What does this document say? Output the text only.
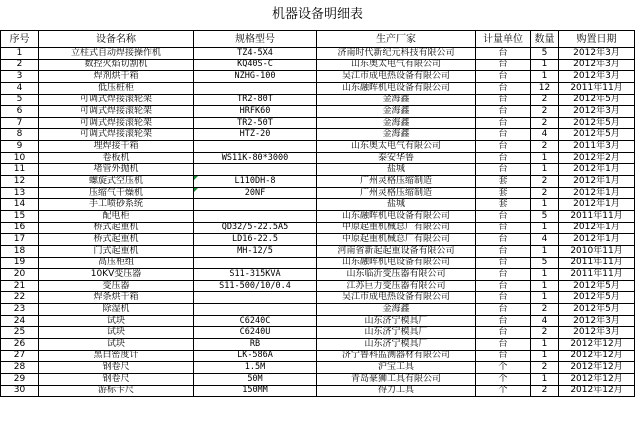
机器设备明细表
序号	设备名称	规格型号	生产厂家	计量单位	数量	购置日期
1	立柱式自动焊接操作机	TZ4-5X4	济南时代新纪元科技有限公司	台	5	2012年3月
2	数控火焰切割机	KQ40S-C	山东奥太电气有限公司	台	1	2012年3月
3	焊剂烘干箱	NZHG-100	吴江市成电热设备有限公司	台	1	2012年3月
4	低压桩柜		山东融晖机电设备有限公司	台	12	2011年11月
5	可调式焊接滚轮架	TR2-80T	金海鑫	台	2	2012年5月
6	可调式焊接滚轮架	HRFK60	金海鑫	台	2	2012年3月
7	可调式焊接滚轮架	TR2-50T	金海鑫	台	2	2012年5月
8	可调式焊接滚轮架	HTZ-20	金海鑫	台	4	2012年5月
9	埋焊接干箱		山东奥太电气有限公司	台	2	2011年3月
10	卷板机	WS11K-80*3000	泰安华鲁	台	1	2012年2月
11	堵管外抛机		盐城	台	1	2012年1月
12	螺旋式空压机	L110DH-8	广州灵格压缩制造	套	2	2012年1月
13	压缩气干燥机	20NF	广州灵格压缩制造	套	2	2012年1月
14	手工喷砂系统		盐城	套	1	2012年1月
15	配电柜		山东融晖机电设备有限公司	台	5	2011年11月
16	桥式起重机	QD32/5-22.5A5	中原起重机械总厂有限公司	台	1	2012年1月
17	桥式起重机	LD16-22.5	中原起重机械总厂有限公司	台	4	2012年1月
18	门式起重机	MH-12/5	河南省新起起重设备有限公司	台	1	2010年11月
19	高压柜组		山东融晖机电设备有限公司	台	5	2011年11月
20	10KV变压器	S11-315KVA	山东临沂变压器有限公司	台	1	2011年11月
21	变压器	S11-500/10/0.4	江苏巨力变压器有限公司	台	1	2012年5月
22	焊条烘干箱		吴江市成电热设备有限公司	台	1	2012年5月
23	除湿机		金海鑫	台	2	2012年5月
24	试块	C6240C	山东济宁模具厂	台	4	2012年3月
25	试块	C6240U	山东济宁模具厂	台	2	2012年3月
26	试块	RB	山东济宁模具厂	台	1	2012年12月
27	黑白密度计	LK-586A	济宁鲁科监测器材有限公司	台	1	2012年12月
28	钢卷尺	1.5M	沪宝工具	个	2	2012年12月
29	钢卷尺	50M	青岛豪狮工具有限公司	个	1	2012年12月
30	游标卡尺	150MM	得力工具	个	2	2012年12月
